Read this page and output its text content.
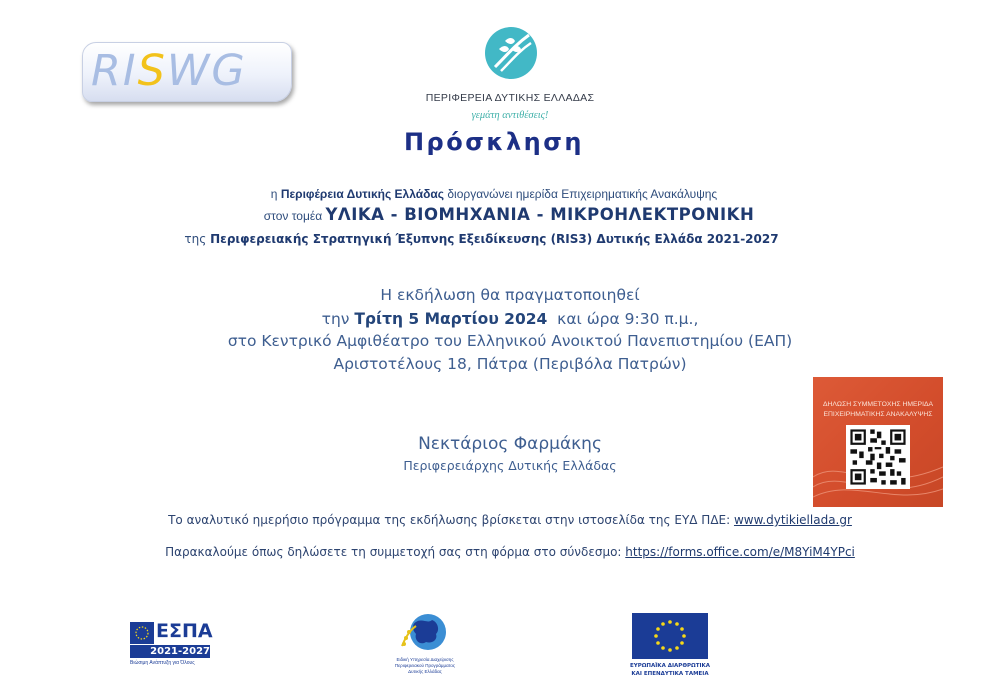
RISWG
ΠΕΡΙΦΕΡΕΙΑ ΔΥΤΙΚΗΣ ΕΛΛΑΔΑΣ
γεμάτη αντιθέσεις!
Πρόσκληση
η Περιφέρεια Δυτικής Ελλάδας διοργανώνει ημερίδα Επιχειρηματικής Ανακάλυψης
στον τομέα ΥΛΙΚΑ - ΒΙΟΜΗΧΑΝΙΑ - ΜΙΚΡΟΗΛΕΚΤΡΟΝΙΚΗ
της Περιφερειακής Στρατηγική Έξυπνης Εξειδίκευσης (RIS3) Δυτικής Ελλάδα 2021-2027
Η εκδήλωση θα πραγματοποιηθεί
την Τρίτη 5 Μαρτίου 2024  και ώρα 9:30 π.μ.,
στο Κεντρικό Αμφιθέατρο του Ελληνικού Ανοικτού Πανεπιστημίου (ΕΑΠ)
Αριστοτέλους 18, Πάτρα (Περιβόλα Πατρών)
Νεκτάριος Φαρμάκης
Περιφερειάρχης Δυτικής Ελλάδας
ΔΗΛΩΣΗ ΣΥΜΜΕΤΟΧΗΣ ΗΜΕΡΙΔΑ ΕΠΙΧΕΙΡΗΜΑΤΙΚΗΣ ΑΝΑΚΑΛΥΨΗΣ
Το αναλυτικό ημερήσιο πρόγραμμα της εκδήλωσης βρίσκεται στην ιστοσελίδα της ΕΥΔ ΠΔΕ: www.dytikiellada.gr
Παρακαλούμε όπως δηλώσετε τη συμμετοχή σας στη φόρμα στο σύνδεσμο: https://forms.office.com/e/M8YiM4YPci
ΕΣΠΑ
2021-2027
Βιώσιμη Ανάπτυξη για Όλους
Ειδική Υπηρεσία Διαχείρισης
Περιφερειακού Προγράμματος Δυτικής Ελλάδας
ΕΥΡΩΠΑΪΚΑ ΔΙΑΡΘΡΩΤΙΚΑ
ΚΑΙ ΕΠΕΝΔΥΤΙΚΑ ΤΑΜΕΙΑ
